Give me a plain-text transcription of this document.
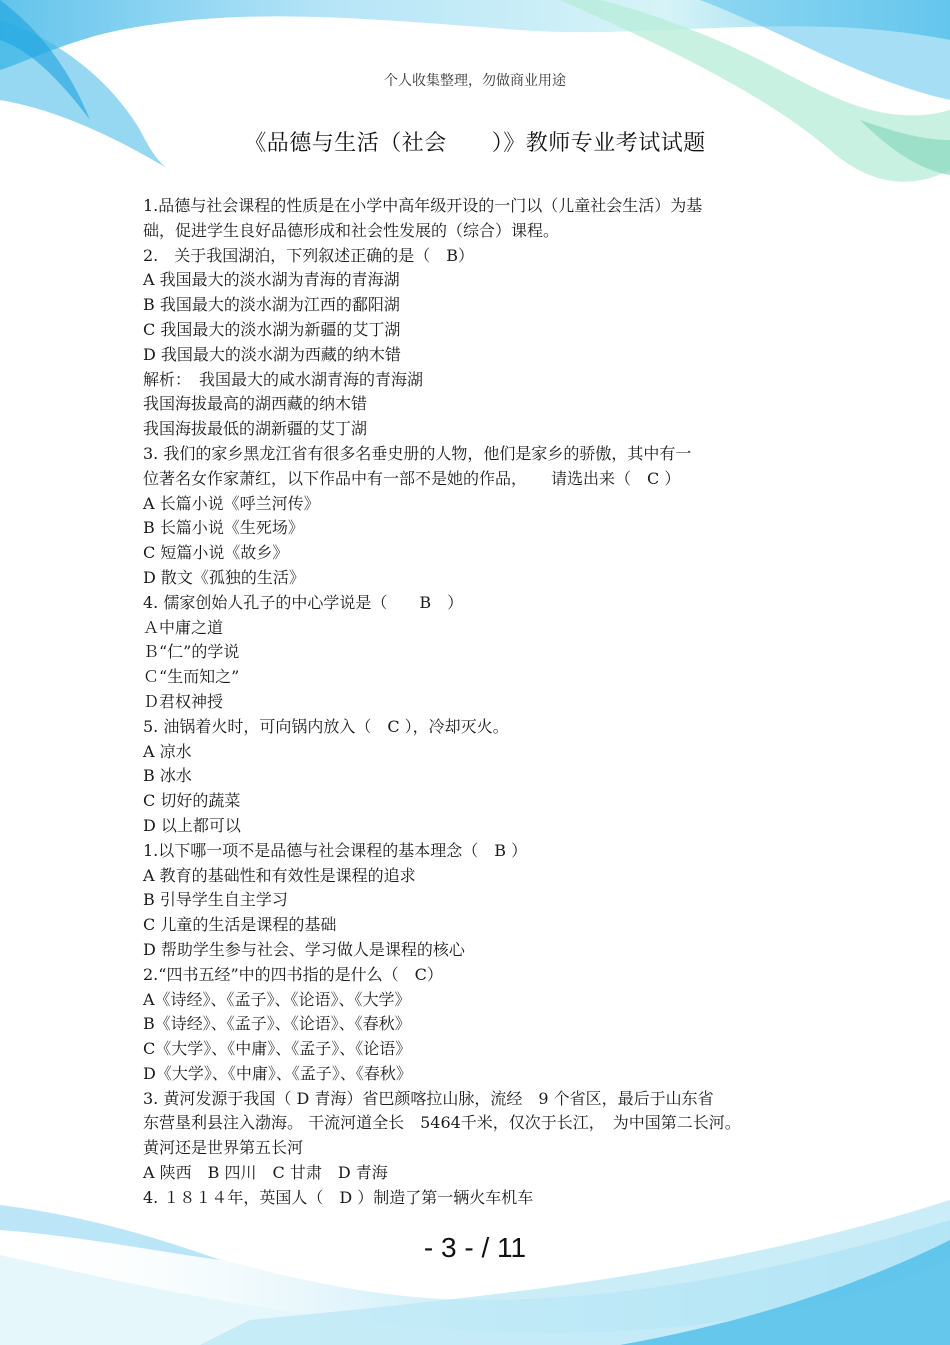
个人收集整理，勿做商业用途
《品德与生活（社会　　）》教师专业考试试题
1.品德与社会课程的性质是在小学中高年级开设的一门以（儿童社会生活）为基
础，促进学生良好品德形成和社会性发展的（综合）课程。
2.　关于我国湖泊，下列叙述正确的是（　B）
A 我国最大的淡水湖为青海的青海湖
B 我国最大的淡水湖为江西的鄱阳湖
C 我国最大的淡水湖为新疆的艾丁湖
D 我国最大的淡水湖为西藏的纳木错
解析：　我国最大的咸水湖青海的青海湖
我国海拔最高的湖西藏的纳木错
我国海拔最低的湖新疆的艾丁湖
3. 我们的家乡黑龙江省有很多名垂史册的人物，他们是家乡的骄傲，其中有一
位著名女作家萧红，以下作品中有一部不是她的作品，　　请选出来（　C ）
A 长篇小说《呼兰河传》
B 长篇小说《生死场》
C 短篇小说《故乡》
D 散文《孤独的生活》
4. 儒家创始人孔子的中心学说是（　　B　）
Ａ中庸之道
Ｂ“仁”的学说
Ｃ“生而知之”
Ｄ君权神授
5. 油锅着火时，可向锅内放入（　C ），冷却灭火。
A 凉水
B 冰水
C 切好的蔬菜
D 以上都可以
1.以下哪一项不是品德与社会课程的基本理念（　B ）
A 教育的基础性和有效性是课程的追求
B 引导学生自主学习
C 儿童的生活是课程的基础
D 帮助学生参与社会、学习做人是课程的核心
2.“四书五经”中的四书指的是什么（　C）
A《诗经》、《孟子》、《论语》、《大学》
B《诗经》、《孟子》、《论语》、《春秋》
C《大学》、《中庸》、《孟子》、《论语》
D《大学》、《中庸》、《孟子》、《春秋》
3. 黄河发源于我国（ D 青海）省巴颜喀拉山脉，流经　9 个省区，最后于山东省
东营垦利县注入渤海。 干流河道全长　5464千米，仅次于长江，　为中国第二长河。
黄河还是世界第五长河
A 陕西　B 四川　C 甘肃　D 青海
4. １８１４年，英国人（　D ）制造了第一辆火车机车
- 3 - / 11
